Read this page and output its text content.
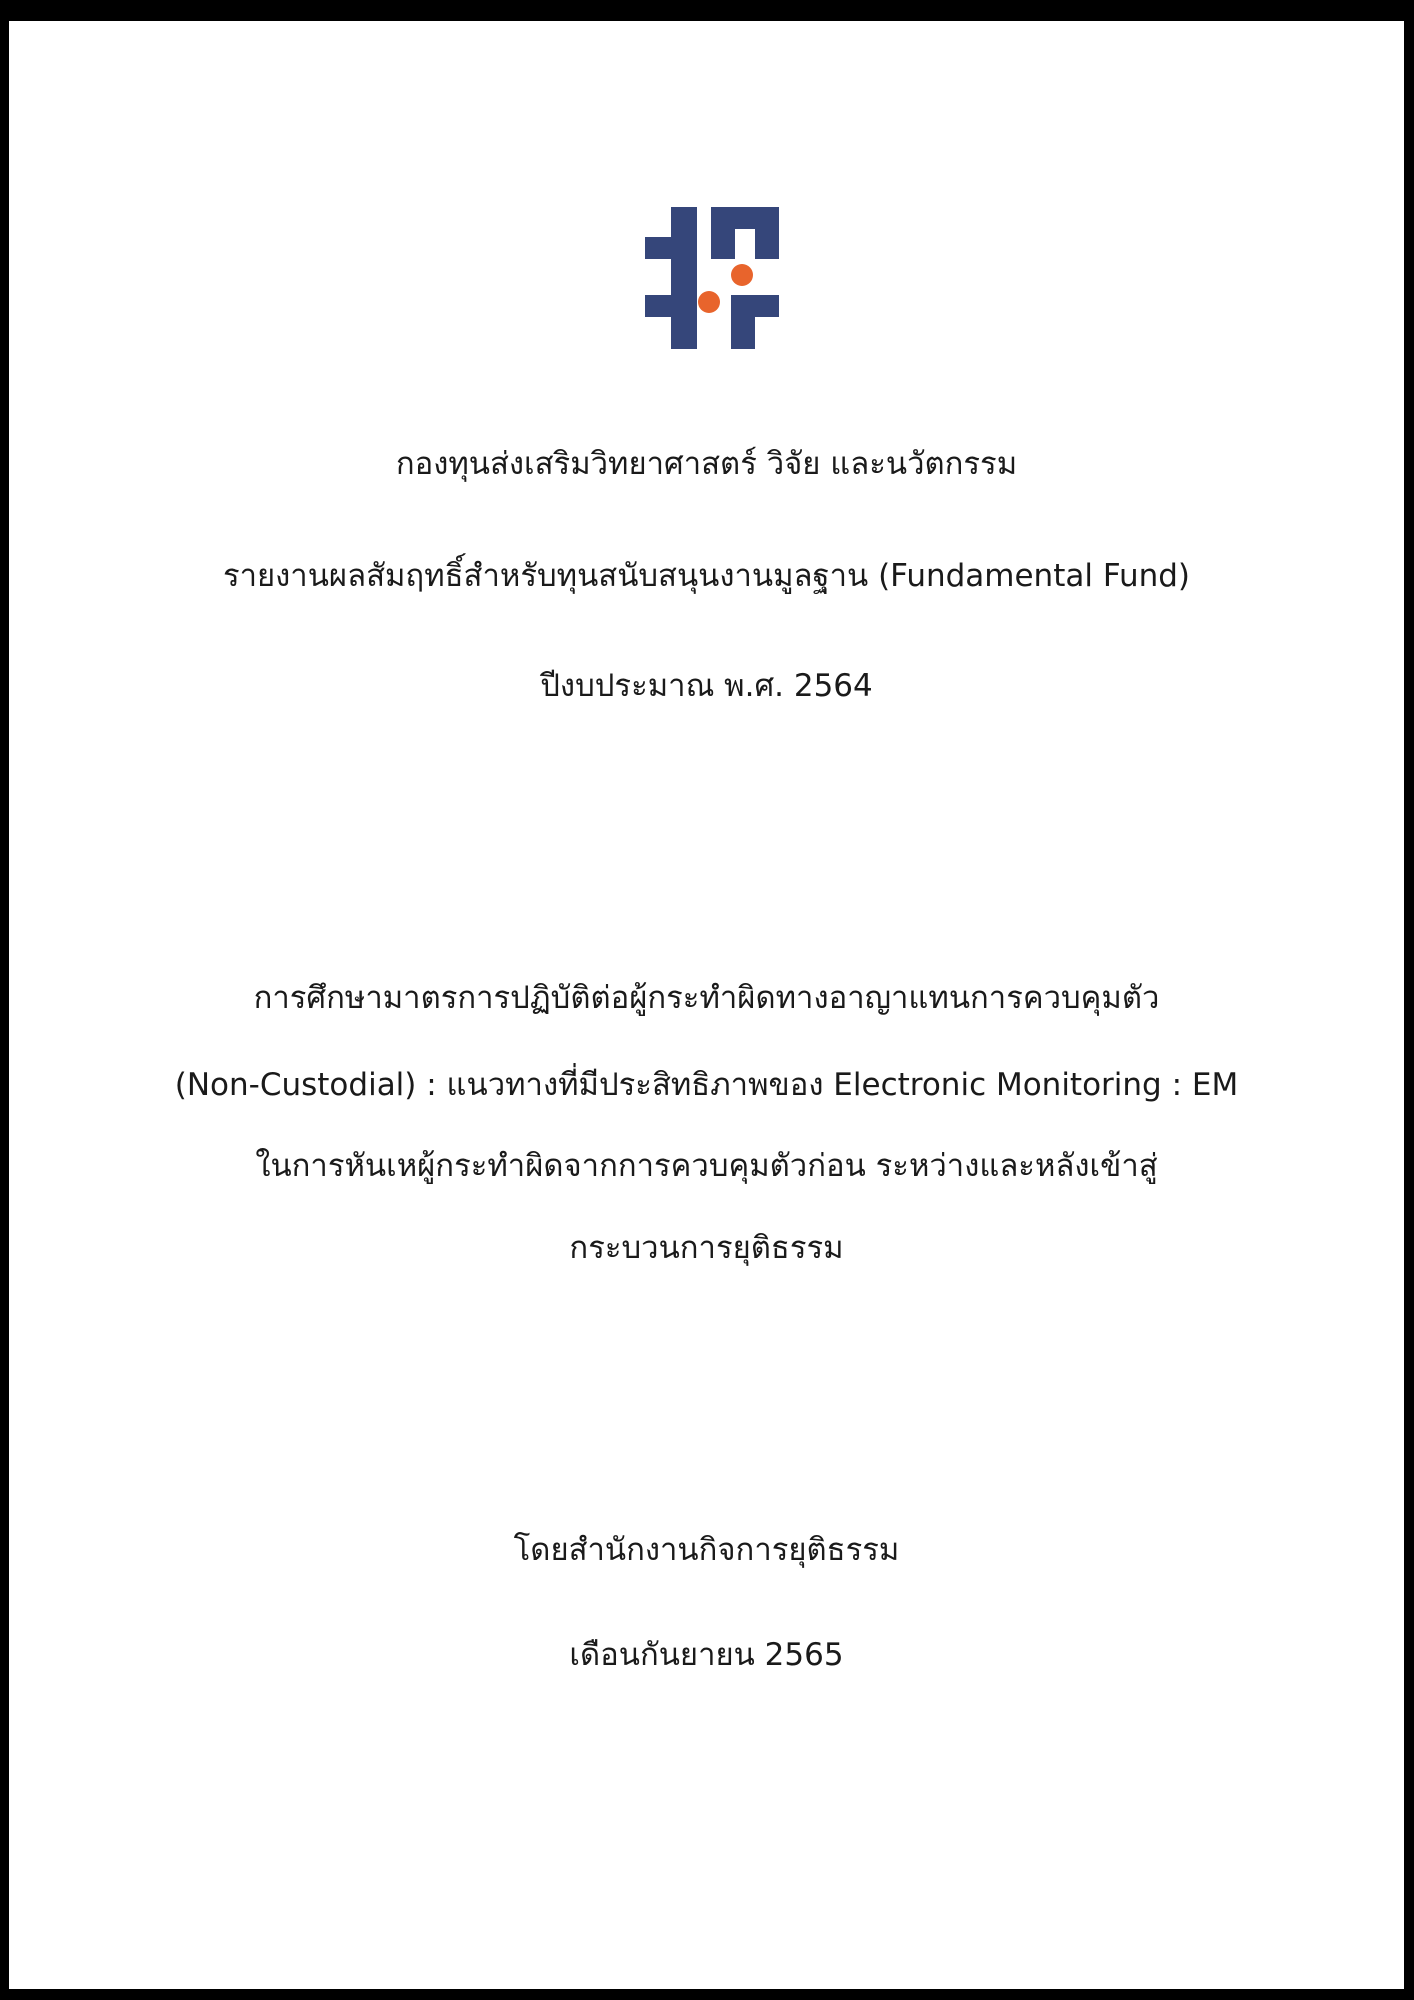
กองทุนส่งเสริมวิทยาศาสตร์ วิจัย และนวัตกรรม
รายงานผลสัมฤทธิ์สำหรับทุนสนับสนุนงานมูลฐาน (Fundamental Fund)
ปีงบประมาณ พ.ศ. 2564
การศึกษามาตรการปฏิบัติต่อผู้กระทำผิดทางอาญาแทนการควบคุมตัว
(Non-Custodial) : แนวทางที่มีประสิทธิภาพของ Electronic Monitoring : EM
ในการหันเหผู้กระทำผิดจากการควบคุมตัวก่อน ระหว่างและหลังเข้าสู่
กระบวนการยุติธรรม
โดยสำนักงานกิจการยุติธรรม
เดือนกันยายน 2565
